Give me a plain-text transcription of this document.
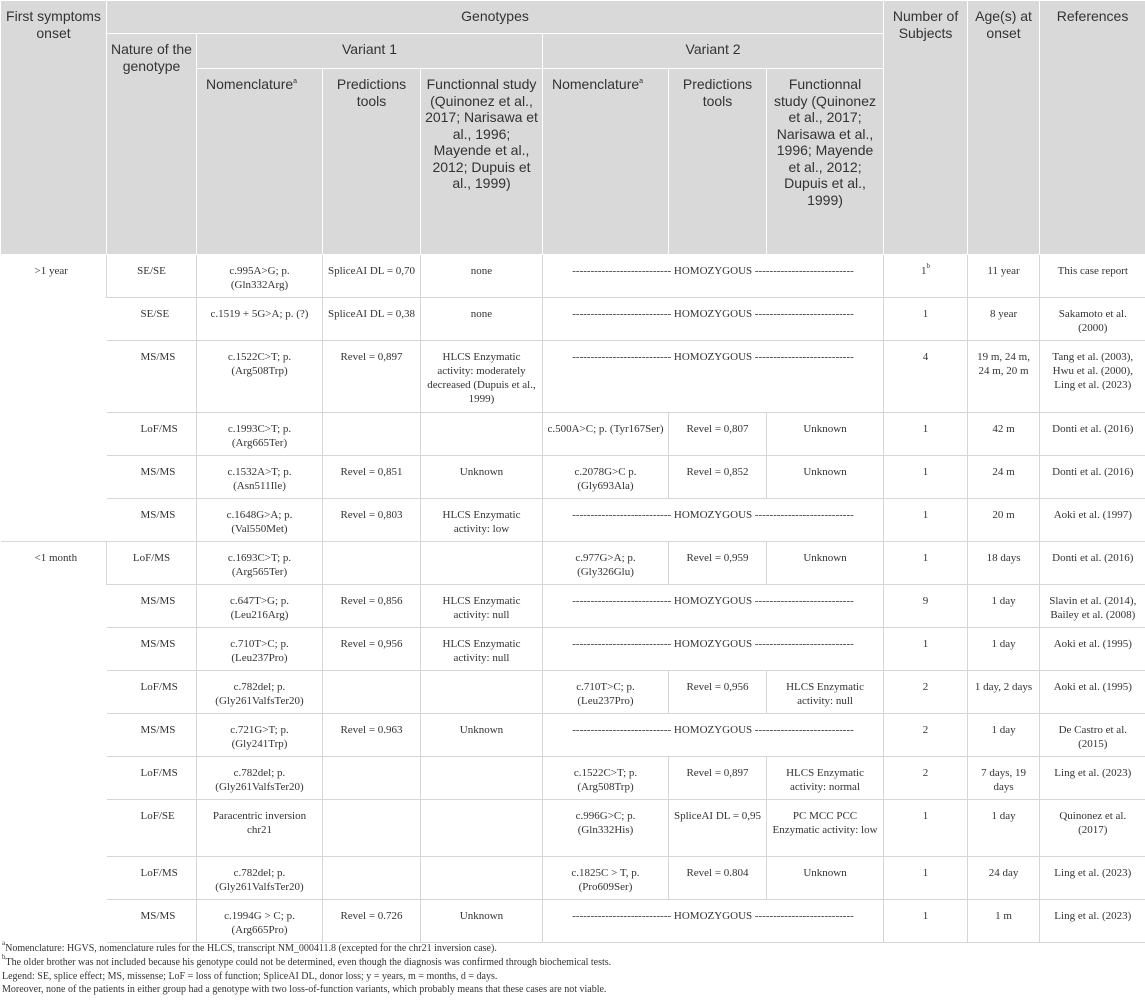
First symptoms onset	Genotypes							Number of Subjects	Age(s) at onset	References
	Nature of the genotype	Variant 1			Variant 2					
		Nomenclature$^a$	Predictions tools	Functionnal study (Quinonez et al., 2017; Narisawa et al., 1996; Mayende et al., 2012; Dupuis et al., 1999)	Nomenclature$^a$	Predictions tools	Functionnal study (Quinonez et al., 2017; Narisawa et al., 1996; Mayende et al., 2012; Dupuis et al., 1999)			
>1 year	SE/SE	c.995A>G; p. (Gln332Arg)	SpliceAI DL = 0,70	none	--------------------------- HOMOZYGOUS ---------------------------			1$^b$	11 year	This case report
	SE/SE	c.1519 + 5G>A; p. (?)	SpliceAI DL = 0,38	none	--------------------------- HOMOZYGOUS ---------------------------			1	8 year	Sakamoto et al. (2000)
	MS/MS	c.1522C>T; p. (Arg508Trp)	Revel = 0,897	HLCS Enzymatic activity: moderately decreased (Dupuis et al., 1999)	--------------------------- HOMOZYGOUS ---------------------------			4	19 m, 24 m, 24 m, 20 m	Tang et al. (2003), Hwu et al. (2000), Ling et al. (2023)
	LoF/MS	c.1993C>T; p. (Arg665Ter)			c.500A>C; p. (Tyr167Ser)	Revel = 0,807	Unknown	1	42 m	Donti et al. (2016)
	MS/MS	c.1532A>T; p. (Asn511Ile)	Revel = 0,851	Unknown	c.2078G>C p. (Gly693Ala)	Revel = 0,852	Unknown	1	24 m	Donti et al. (2016)
	MS/MS	c.1648G>A; p. (Val550Met)	Revel = 0,803	HLCS Enzymatic activity: low	--------------------------- HOMOZYGOUS ---------------------------			1	20 m	Aoki et al. (1997)
<1 month	LoF/MS	c.1693C>T; p. (Arg565Ter)			c.977G>A; p. (Gly326Glu)	Revel = 0,959	Unknown	1	18 days	Donti et al. (2016)
	MS/MS	c.647T>G; p. (Leu216Arg)	Revel = 0,856	HLCS Enzymatic activity: null	--------------------------- HOMOZYGOUS ---------------------------			9	1 day	Slavin et al. (2014), Bailey et al. (2008)
	MS/MS	c.710T>C; p. (Leu237Pro)	Revel = 0,956	HLCS Enzymatic activity: null	--------------------------- HOMOZYGOUS ---------------------------			1	1 day	Aoki et al. (1995)
	LoF/MS	c.782del; p. (Gly261ValfsTer20)			c.710T>C; p. (Leu237Pro)	Revel = 0,956	HLCS Enzymatic activity: null	2	1 day, 2 days	Aoki et al. (1995)
	MS/MS	c.721G>T; p. (Gly241Trp)	Revel = 0.963	Unknown	--------------------------- HOMOZYGOUS ---------------------------			2	1 day	De Castro et al. (2015)
	LoF/MS	c.782del; p. (Gly261ValfsTer20)			c.1522C>T; p. (Arg508Trp)	Revel = 0,897	HLCS Enzymatic activity: normal	2	7 days, 19 days	Ling et al. (2023)
	LoF/SE	Paracentric inversion chr21			c.996G>C; p. (Gln332His)	SpliceAI DL = 0,95	PC MCC PCC Enzymatic activity: low	1	1 day	Quinonez et al. (2017)
	LoF/MS	c.782del; p. (Gly261ValfsTer20)			c.1825C > T, p. (Pro609Ser)	Revel = 0.804	Unknown	1	24 day	Ling et al. (2023)
	MS/MS	c.1994G > C; p. (Arg665Pro)	Revel = 0.726	Unknown	--------------------------- HOMOZYGOUS ---------------------------			1	1 m	Ling et al. (2023)
$^a$Nomenclature: HGVS, nomenclature rules for the HLCS, transcript NM_000411.8 (excepted for the chr21 inversion case).
$^b$The older brother was not included because his genotype could not be determined, even though the diagnosis was confirmed through biochemical tests.
Legend: SE, splice effect; MS, missense; LoF = loss of function; SpliceAI DL, donor loss; y = years, m = months, d = days.
Moreover, none of the patients in either group had a genotype with two loss-of-function variants, which probably means that these cases are not viable.
